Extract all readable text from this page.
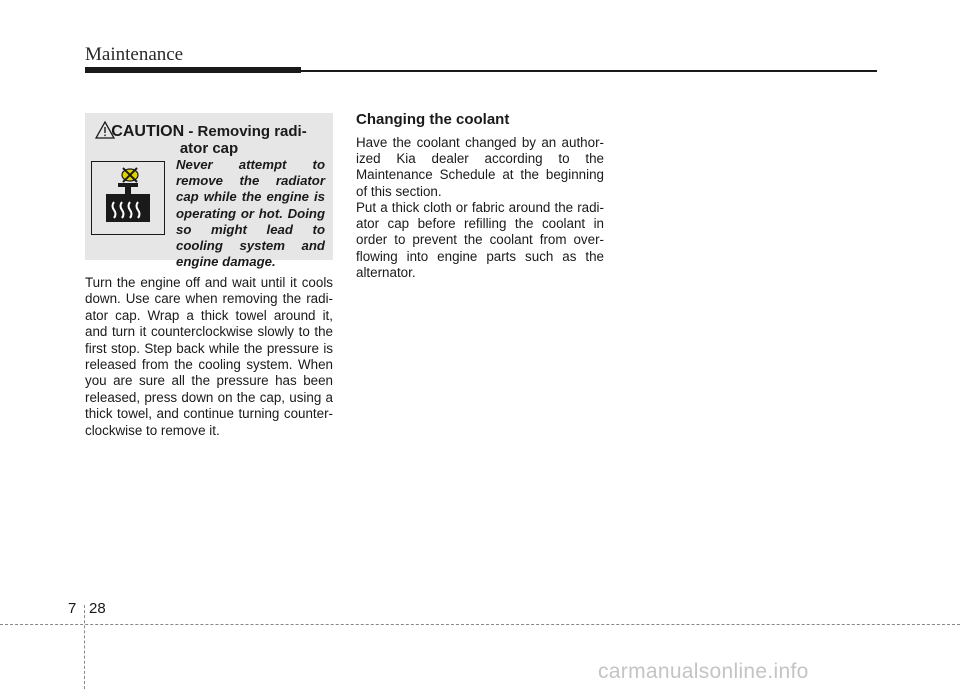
Maintenance
CAUTION - Removing radi-
ator cap

Never attempt to remove the radiator cap while the engine is operating or hot. Doing so might lead to cooling system and engine damage.

Turn the engine off and wait until it cools down. Use care when removing the radi-ator cap. Wrap a thick towel around it, and turn it counterclockwise slowly to the first stop. Step back while the pressure is released from the cooling system. When you are sure all the pressure has been released, press down on the cap, using a thick towel, and continue turning counter-clockwise to remove it.

Changing the coolant

Have the coolant changed by an author-ized Kia dealer according to the Maintenance Schedule at the beginning of this section.

Put a thick cloth or fabric around the radi-ator cap before refilling the coolant in order to prevent the coolant from over-flowing into engine parts such as the alternator.

7 28
carmanualsonline.info
